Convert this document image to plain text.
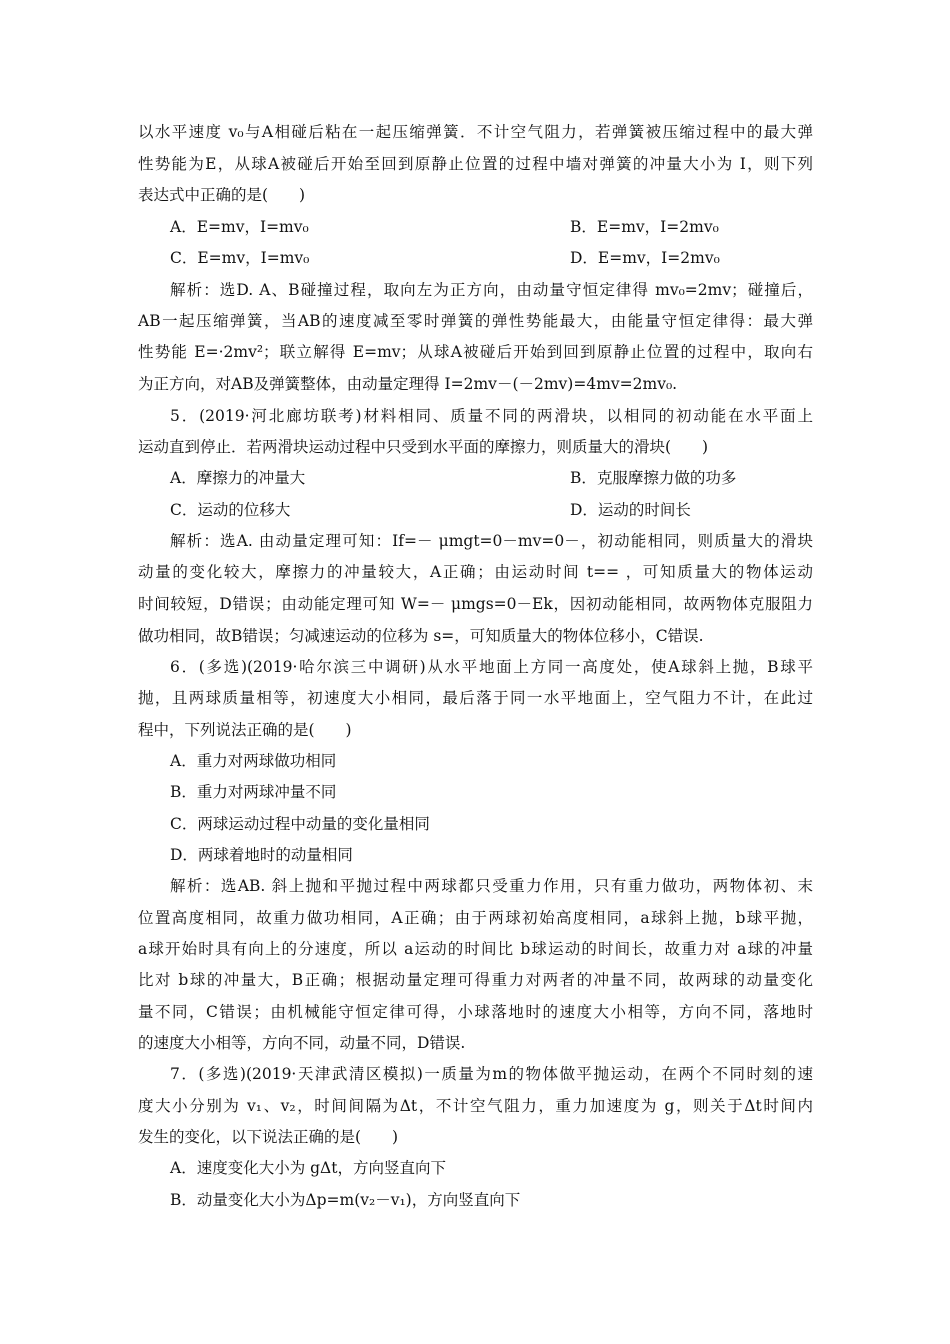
以水平速度 v₀与A相碰后粘在一起压缩弹簧．不计空气阻力，若弹簧被压缩过程中的最大弹
性势能为E，从球A被碰后开始至回到原静止位置的过程中墙对弹簧的冲量大小为 I，则下列
表达式中正确的是(　　)
A．E=mv，I=mv₀	B．E=mv，I=2mv₀
C．E=mv，I=mv₀	D．E=mv，I=2mv₀
解析：选D. A、B碰撞过程，取向左为正方向，由动量守恒定律得 mv₀=2mv；碰撞后，
AB一起压缩弹簧，当AB的速度减至零时弹簧的弹性势能最大，由能量守恒定律得：最大弹
性势能 E=·2mv²；联立解得 E=mv；从球A被碰后开始到回到原静止位置的过程中，取向右
为正方向，对AB及弹簧整体，由动量定理得 I=2mv－(－2mv)=4mv=2mv₀.
5．(2019·河北廊坊联考)材料相同、质量不同的两滑块，以相同的初动能在水平面上
运动直到停止．若两滑块运动过程中只受到水平面的摩擦力，则质量大的滑块(　　)
A．摩擦力的冲量大	B．克服摩擦力做的功多
C．运动的位移大	D．运动的时间长
解析：选A. 由动量定理可知：If=－ μmgt=0－mv=0－，初动能相同，则质量大的滑块
动量的变化较大，摩擦力的冲量较大，A正确；由运动时间 t== ，可知质量大的物体运动
时间较短，D错误；由动能定理可知 W=－ μmgs=0－Ek，因初动能相同，故两物体克服阻力
做功相同，故B错误；匀减速运动的位移为 s=，可知质量大的物体位移小，C错误.
6．(多选)(2019·哈尔滨三中调研)从水平地面上方同一高度处，使A球斜上抛，B球平
抛，且两球质量相等，初速度大小相同，最后落于同一水平地面上，空气阻力不计，在此过
程中，下列说法正确的是(　　)
A．重力对两球做功相同
B．重力对两球冲量不同
C．两球运动过程中动量的变化量相同
D．两球着地时的动量相同
解析：选AB. 斜上抛和平抛过程中两球都只受重力作用，只有重力做功，两物体初、末
位置高度相同，故重力做功相同，A正确；由于两球初始高度相同，a球斜上抛，b球平抛，
a球开始时具有向上的分速度，所以 a运动的时间比 b球运动的时间长，故重力对 a球的冲量
比对 b球的冲量大，B正确；根据动量定理可得重力对两者的冲量不同，故两球的动量变化
量不同，C错误；由机械能守恒定律可得，小球落地时的速度大小相等，方向不同，落地时
的速度大小相等，方向不同，动量不同，D错误.
7．(多选)(2019·天津武清区模拟)一质量为m的物体做平抛运动，在两个不同时刻的速
度大小分别为 v₁、v₂，时间间隔为Δt，不计空气阻力，重力加速度为 g，则关于Δt时间内
发生的变化，以下说法正确的是(　　)
A．速度变化大小为 gΔt，方向竖直向下
B．动量变化大小为Δp=m(v₂－v₁)，方向竖直向下
